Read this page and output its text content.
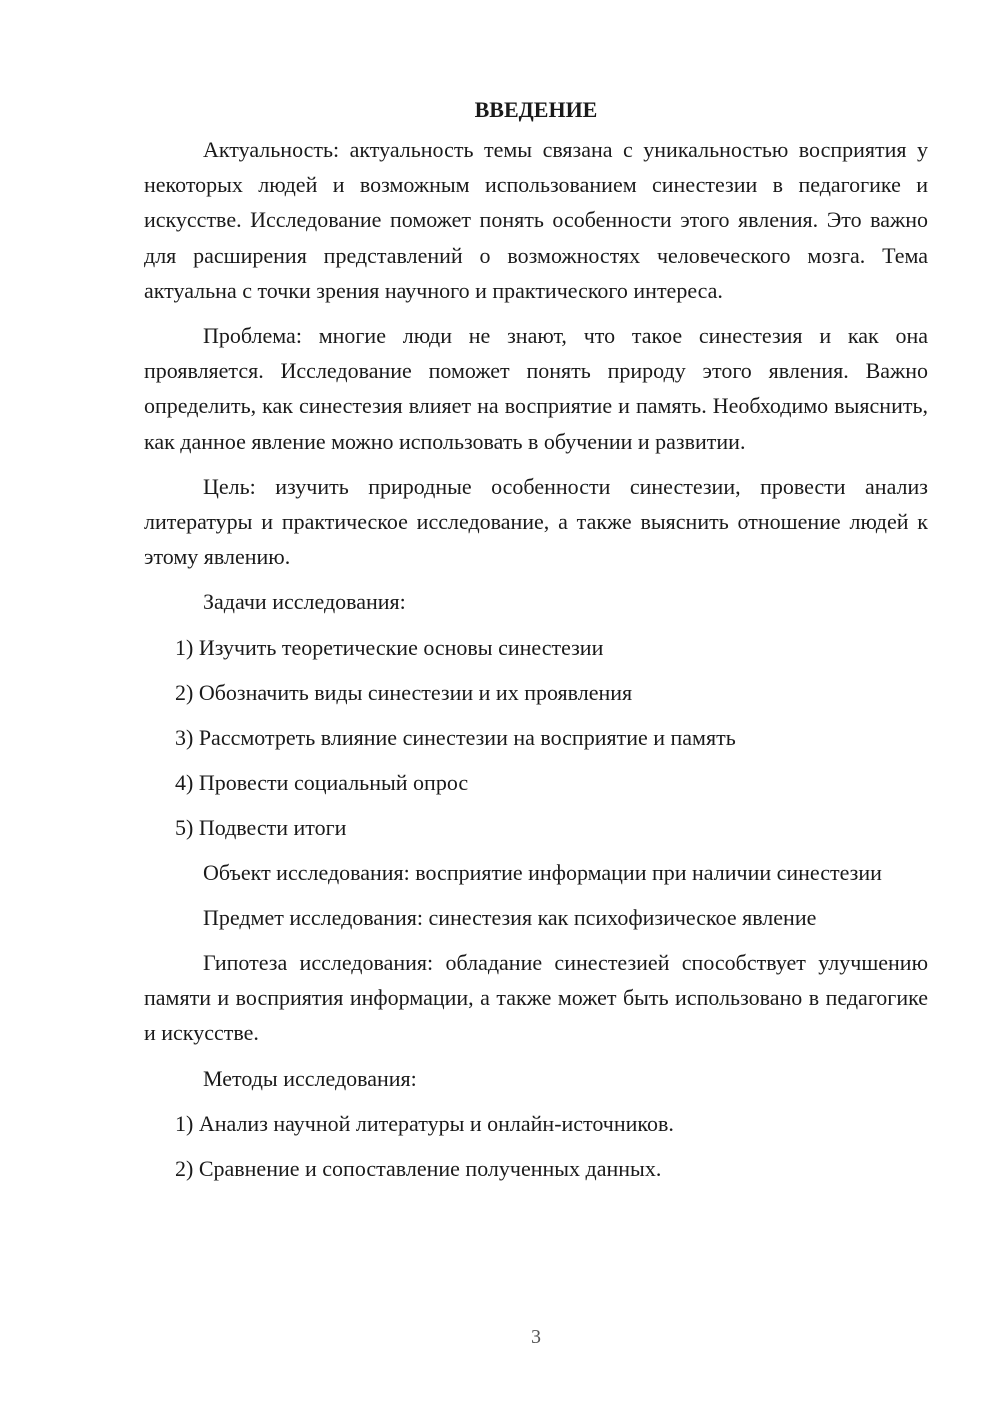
ВВЕДЕНИЕ

Актуальность: актуальность темы связана с уникальностью восприятия у некоторых людей и возможным использованием синестезии в педагогике и искусстве. Исследование поможет понять особенности этого явления. Это важно для расширения представлений о возможностях человеческого мозга. Тема актуальна с точки зрения научного и практического интереса.

Проблема: многие люди не знают, что такое синестезия и как она проявляется. Исследование поможет понять природу этого явления. Важно определить, как синестезия влияет на восприятие и память. Необходимо выяснить, как данное явление можно использовать в обучении и развитии.

Цель: изучить природные особенности синестезии, провести анализ литературы и практическое исследование, а также выяснить отношение людей к этому явлению.

Задачи исследования:

1) Изучить теоретические основы синестезии
2) Обозначить виды синестезии и их проявления
3) Рассмотреть влияние синестезии на восприятие и память
4) Провести социальный опрос
5) Подвести итоги

Объект исследования: восприятие информации при наличии синестезии

Предмет исследования: синестезия как психофизическое явление

Гипотеза исследования: обладание синестезией способствует улучшению памяти и восприятия информации, а также может быть использовано в педагогике и искусстве.

Методы исследования:

1) Анализ научной литературы и онлайн-источников.
2) Сравнение и сопоставление полученных данных.
3
